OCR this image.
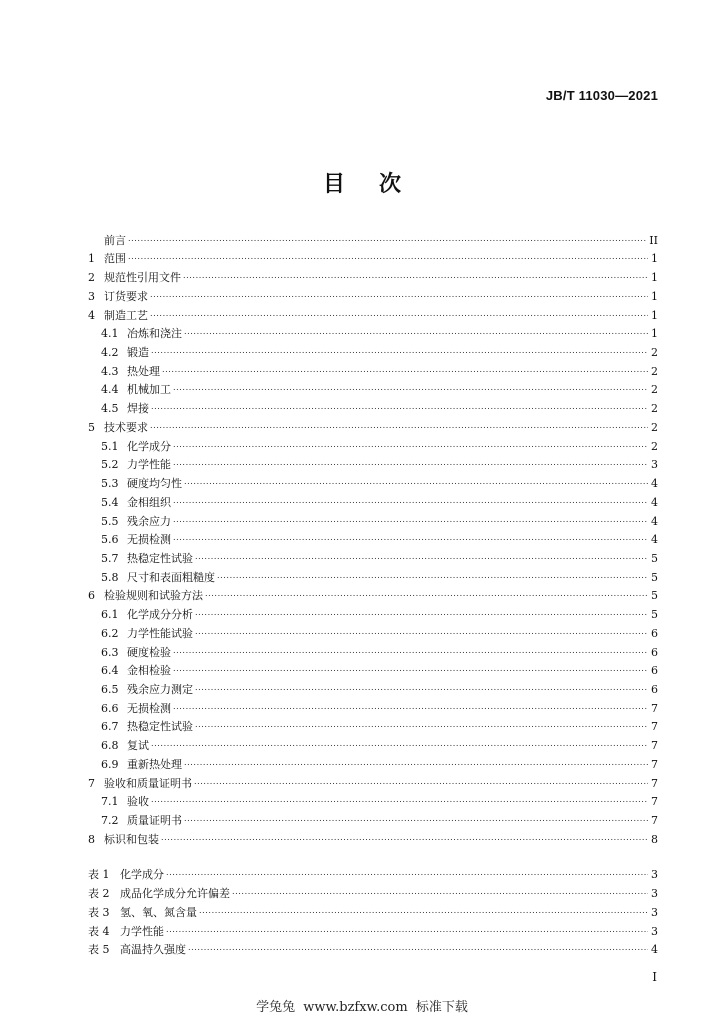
JB/T 11030—2021
目次
前言 .....	II
1 范围 .....	1
2 规范性引用文件 .....	1
3 订货要求 .....	1
4 制造工艺 .....	1
4.1 冶炼和浇注 .....	1
4.2 锻造 .....	2
4.3 热处理 .....	2
4.4 机械加工 .....	2
4.5 焊接 .....	2
5 技术要求 .....	2
5.1 化学成分 .....	2
5.2 力学性能 .....	3
5.3 硬度均匀性 .....	4
5.4 金相组织 .....	4
5.5 残余应力 .....	4
5.6 无损检测 .....	4
5.7 热稳定性试验 .....	5
5.8 尺寸和表面粗糙度 .....	5
6 检验规则和试验方法 .....	5
6.1 化学成分分析 .....	5
6.2 力学性能试验 .....	6
6.3 硬度检验 .....	6
6.4 金相检验 .....	6
6.5 残余应力测定 .....	6
6.6 无损检测 .....	7
6.7 热稳定性试验 .....	7
6.8 复试 .....	7
6.9 重新热处理 .....	7
7 验收和质量证明书 .....	7
7.1 验收 .....	7
7.2 质量证明书 .....	7
8 标识和包装 .....	8
表 1 化学成分 .....	3
表 2 成品化学成分允许偏差 .....	3
表 3 氢、氧、氮含量 .....	3
表 4 力学性能 .....	3
表 5 高温持久强度 .....	4
I
学兔兔 www.bzfxw.com 标准下载
